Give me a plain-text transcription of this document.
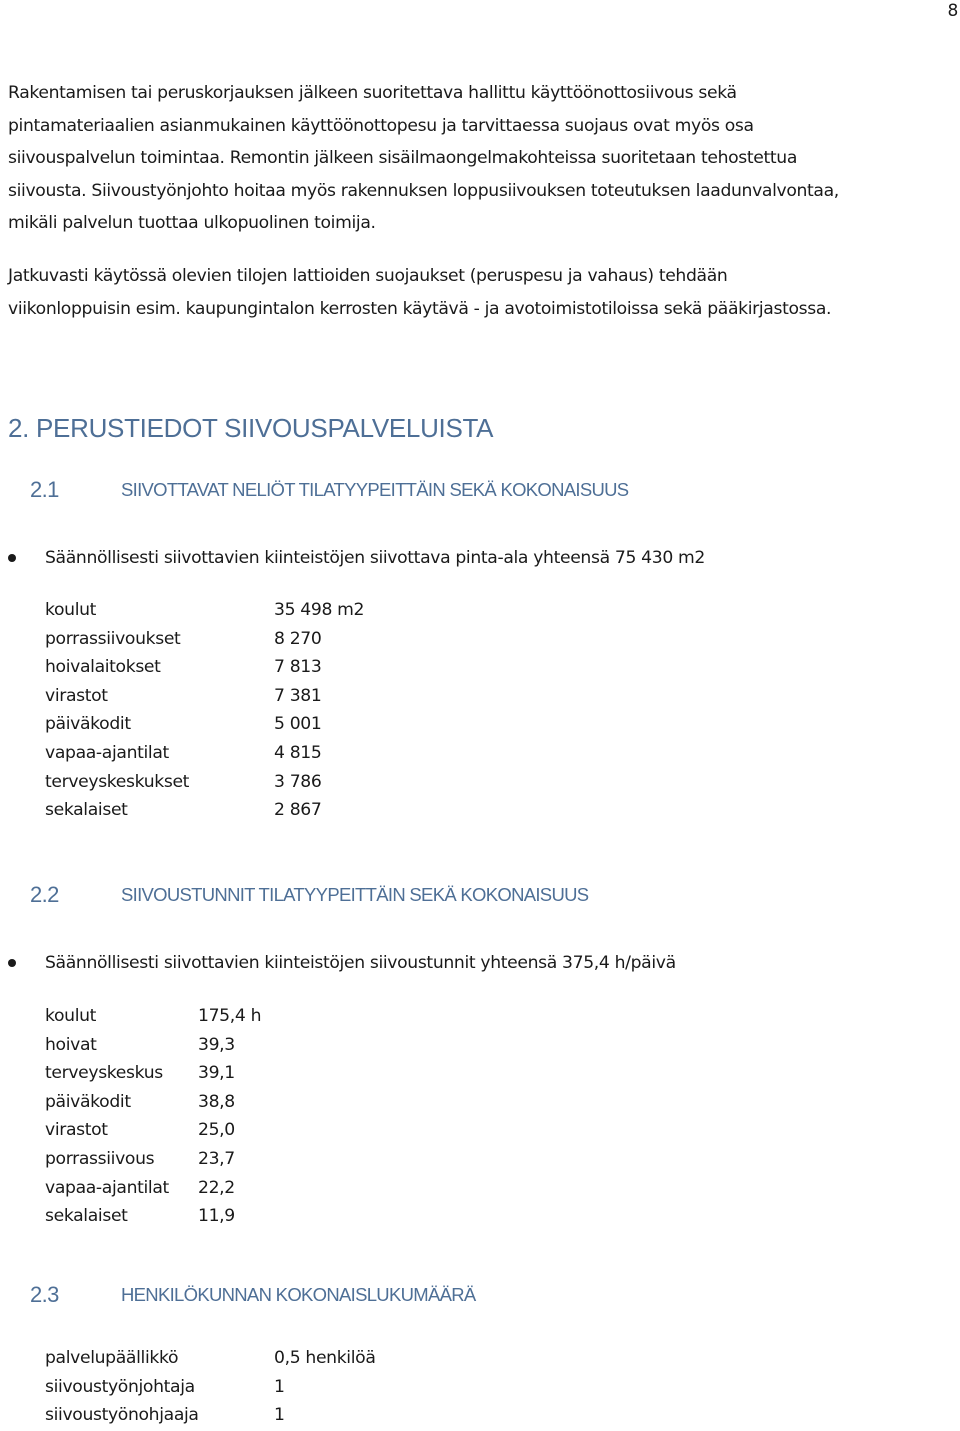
8
Rakentamisen tai peruskorjauksen jälkeen suoritettava hallittu käyttöönottosiivous sekä
pintamateriaalien asianmukainen käyttöönottopesu ja tarvittaessa suojaus ovat myös osa
siivouspalvelun toimintaa. Remontin jälkeen sisäilmaongelmakohteissa suoritetaan tehostettua
siivousta. Siivoustyönjohto hoitaa myös rakennuksen loppusiivouksen toteutuksen laadunvalvontaa,
mikäli palvelun tuottaa ulkopuolinen toimija.
Jatkuvasti käytössä olevien tilojen lattioiden suojaukset (peruspesu ja vahaus) tehdään
viikonloppuisin esim. kaupungintalon kerrosten käytävä - ja avotoimistotiloissa sekä pääkirjastossa.
2. PERUSTIEDOT SIIVOUSPALVELUISTA
2.1	SIIVOTTAVAT NELIÖT TILATYYPEITTÄIN SEKÄ KOKONAISUUS
Säännöllisesti siivottavien kiinteistöjen siivottava pinta-ala yhteensä 75 430 m2
koulut	35 498 m2
porrassiivoukset	8 270
hoivalaitokset	7 813
virastot	7 381
päiväkodit	5 001
vapaa-ajantilat	4 815
terveyskeskukset	3 786
sekalaiset	2 867
2.2	SIIVOUSTUNNIT TILATYYPEITTÄIN SEKÄ KOKONAISUUS
Säännöllisesti siivottavien kiinteistöjen siivoustunnit yhteensä 375,4 h/päivä
koulut	175,4 h
hoivat	39,3
terveyskeskus 39,1
päiväkodit	38,8
virastot	25,0
porrassiivous	23,7
vapaa-ajantilat 22,2
sekalaiset	11,9
2.3	HENKILÖKUNNAN KOKONAISLUKUMÄÄRÄ
palvelupäällikkö	0,5 henkilöä
siivoustyönjohtaja	1
siivoustyönohjaaja	1
